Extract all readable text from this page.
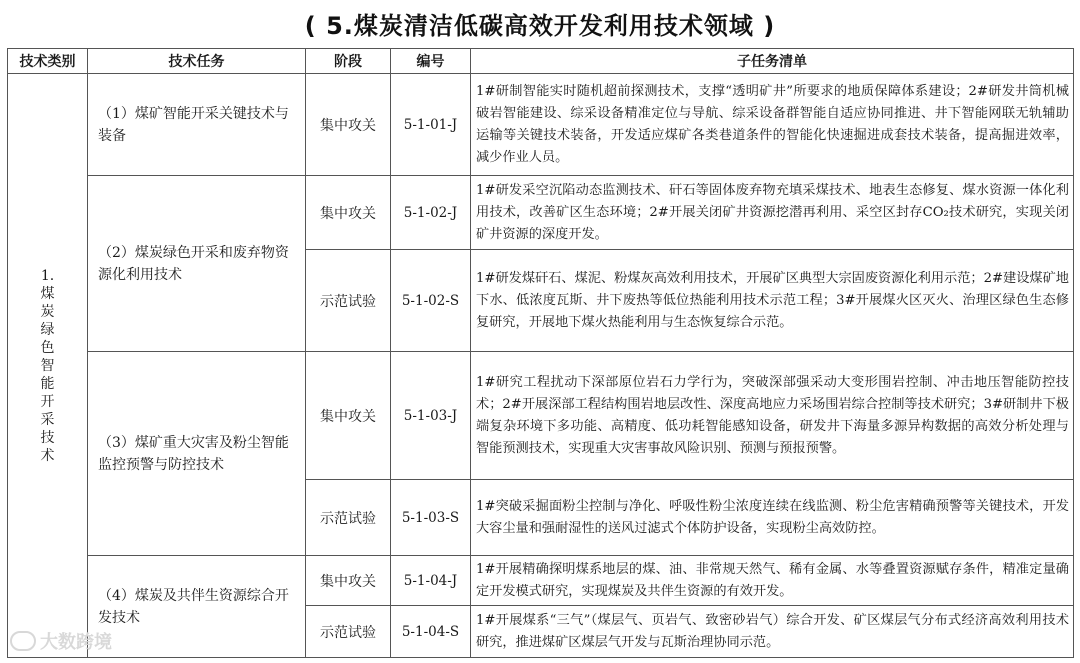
( 5.煤炭清洁低碳高效开发利用技术领域 )
技术类别	技术任务	阶段	编号	子任务清单
1.煤炭绿色智能开采技术	（1）煤矿智能开采关键技术与装备	集中攻关	5-1-01-J	1#研制智能实时随机超前探测技术，支撑“透明矿井”所要求的地质保障体系建设；2#研发井筒机械破岩智能建设、综采设备精准定位与导航、综采设备群智能自适应协同推进、井下智能网联无轨辅助运输等关键技术装备，开发适应煤矿各类巷道条件的智能化快速掘进成套技术装备，提高掘进效率，减少作业人员。
	（2）煤炭绿色开采和废弃物资源化利用技术	集中攻关	5-1-02-J	1#研发采空沉陷动态监测技术、矸石等固体废弃物充填采煤技术、地表生态修复、煤水资源一体化利用技术，改善矿区生态环境；2#开展关闭矿井资源挖潜再利用、采空区封存CO₂技术研究，实现关闭矿井资源的深度开发。
		示范试验	5-1-02-S	1#研发煤矸石、煤泥、粉煤灰高效利用技术，开展矿区典型大宗固废资源化利用示范；2#建设煤矿地下水、低浓度瓦斯、井下废热等低位热能利用技术示范工程；3#开展煤火区灭火、治理区绿色生态修复研究，开展地下煤火热能利用与生态恢复综合示范。
	（3）煤矿重大灾害及粉尘智能监控预警与防控技术	集中攻关	5-1-03-J	1#研究工程扰动下深部原位岩石力学行为，突破深部强采动大变形围岩控制、冲击地压智能防控技术；2#开展深部工程结构围岩地层改性、深度高地应力采场围岩综合控制等技术研究；3#研制井下极端复杂环境下多功能、高精度、低功耗智能感知设备，研发井下海量多源异构数据的高效分析处理与智能预测技术，实现重大灾害事故风险识别、预测与预报预警。
		示范试验	5-1-03-S	1#突破采掘面粉尘控制与净化、呼吸性粉尘浓度连续在线监测、粉尘危害精确预警等关键技术，开发大容尘量和强耐湿性的送风过滤式个体防护设备，实现粉尘高效防控。
	（4）煤炭及共伴生资源综合开发技术	集中攻关	5-1-04-J	1#开展精确探明煤系地层的煤、油、非常规天然气、稀有金属、水等叠置资源赋存条件，精准定量确定开发模式研究，实现煤炭及共伴生资源的有效开发。
		示范试验	5-1-04-S	1#开展煤系“三气”（煤层气、页岩气、致密砂岩气）综合开发、矿区煤层气分布式经济高效利用技术研究，推进煤矿区煤层气开发与瓦斯治理协同示范。
大数跨境
